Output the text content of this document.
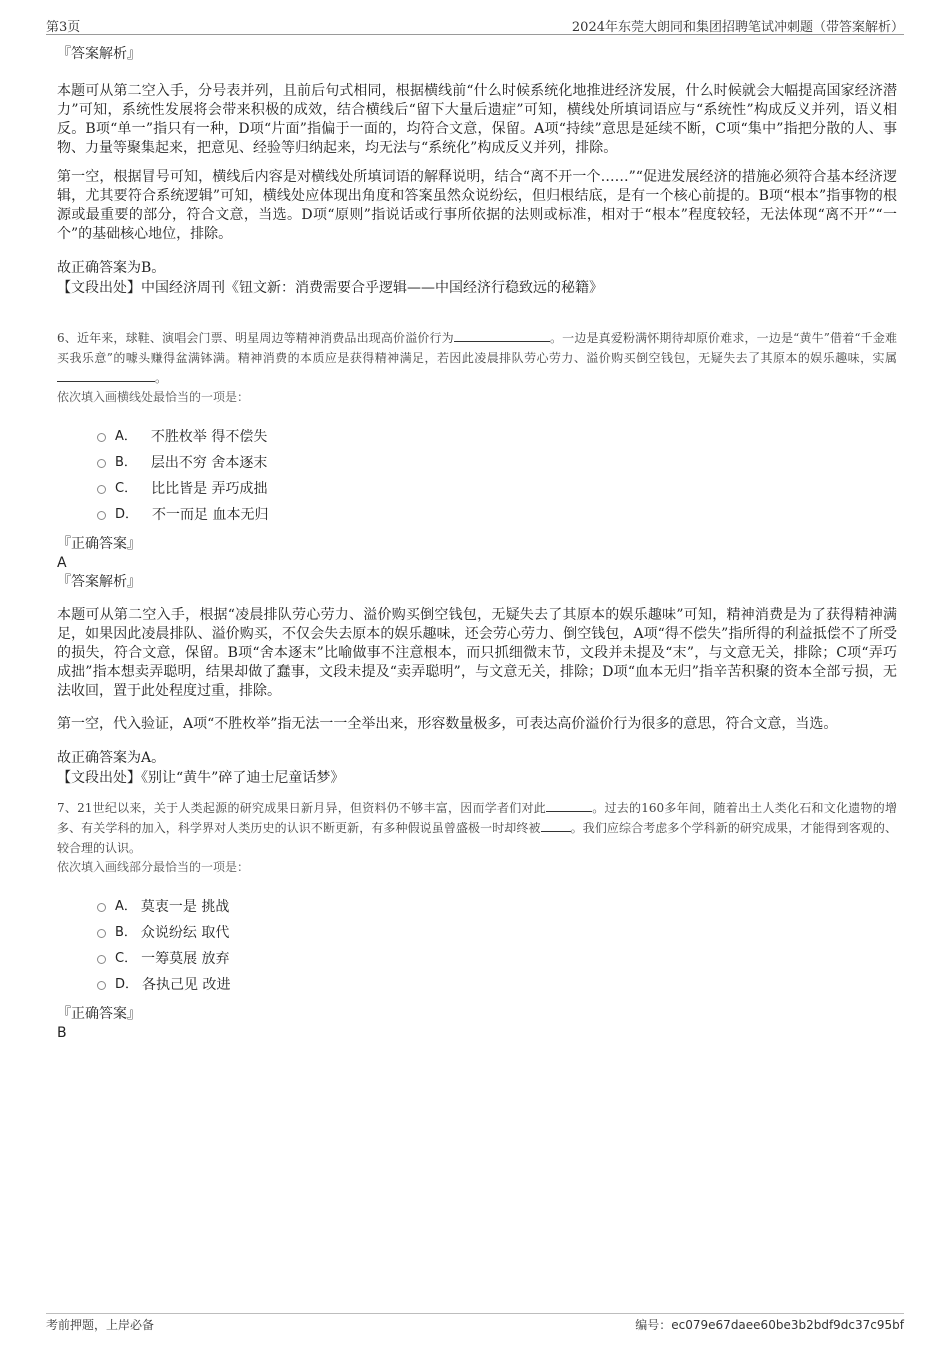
第3页	2024年东莞大朗同和集团招聘笔试冲刺题（带答案解析）

『答案解析』

本题可从第二空入手，分号表并列，且前后句式相同，根据横线前“什么时候系统化地推进经济发展，什么时候就会大幅提高国家经济潜力”可知，系统性发展将会带来积极的成效，结合横线后“留下大量后遗症”可知，横线处所填词语应与“系统性”构成反义并列，语义相反。B项“单一”指只有一种，D项“片面”指偏于一面的，均符合文意，保留。A项“持续”意思是延续不断，C项“集中”指把分散的人、事物、力量等聚集起来，把意见、经验等归纳起来，均无法与“系统化”构成反义并列，排除。

第一空，根据冒号可知，横线后内容是对横线处所填词语的解释说明，结合“离不开一个……”“促进发展经济的措施必须符合基本经济逻辑，尤其要符合系统逻辑”可知，横线处应体现出角度和答案虽然众说纷纭，但归根结底，是有一个核心前提的。B项“根本”指事物的根源或最重要的部分，符合文意，当选。D项“原则”指说话或行事所依据的法则或标准，相对于“根本”程度较轻，无法体现“离不开”“一个”的基础核心地位，排除。

故正确答案为B。

【文段出处】中国经济周刊《钮文新：消费需要合乎逻辑——中国经济行稳致远的秘籍》

6、近年来，球鞋、演唱会门票、明星周边等精神消费品出现高价溢价行为	。一边是真爱粉满怀期待却原价难求，一边是“黄牛”借着“千金难买我乐意”的噱头赚得盆满钵满。精神消费的本质应是获得精神满足，若因此凌晨排队劳心劳力、溢价购买倒空钱包，无疑失去了其原本的娱乐趣味，实属。

依次填入画横线处最恰当的一项是：

A． 不胜枚举 得不偿失
B． 层出不穷 舍本逐末
C． 比比皆是 弄巧成拙
D． 不一而足 血本无归

『正确答案』

A

『答案解析』

本题可从第二空入手，根据“凌晨排队劳心劳力、溢价购买倒空钱包，无疑失去了其原本的娱乐趣味”可知，精神消费是为了获得精神满足，如果因此凌晨排队、溢价购买，不仅会失去原本的娱乐趣味，还会劳心劳力、倒空钱包，A项“得不偿失”指所得的利益抵偿不了所受的损失，符合文意，保留。B项“舍本逐末”比喻做事不注意根本，而只抓细微末节，文段并未提及“末”，与文意无关，排除；C项“弄巧成拙”指本想卖弄聪明，结果却做了蠢事，文段未提及“卖弄聪明”，与文意无关，排除；D项“血本无归”指辛苦积聚的资本全部亏损，无法收回，置于此处程度过重，排除。

第一空，代入验证，A项“不胜枚举”指无法一一全举出来，形容数量极多，可表达高价溢价行为很多的意思，符合文意，当选。

故正确答案为A。

【文段出处】《别让“黄牛”碎了迪士尼童话梦》

7、21世纪以来，关于人类起源的研究成果日新月异，但资料仍不够丰富，因而学者们对此	。过去的160多年间，随着出土人类化石和文化遗物的增多、有关学科的加入，科学界对人类历史的认识不断更新，有多种假说虽曾盛极一时却终被	。我们应综合考虑多个学科新的研究成果，才能得到客观的、较合理的认识。

依次填入画线部分最恰当的一项是：

A． 莫衷一是 挑战
B． 众说纷纭 取代
C． 一筹莫展 放弃
D． 各执己见 改进

『正确答案』

B

考前押题，上岸必备	编号：ec079e67daee60be3b2bdf9dc37c95bf
